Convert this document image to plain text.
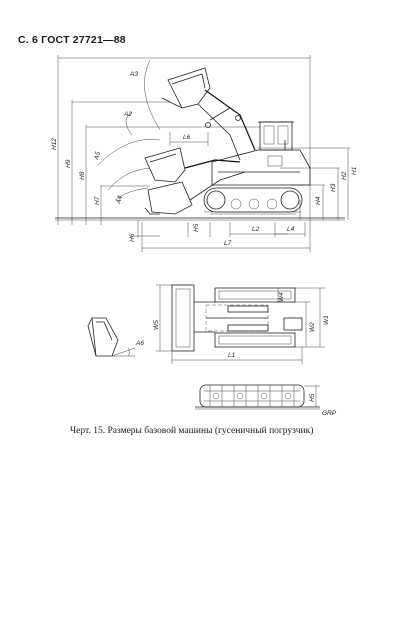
С. 6 ГОСТ 27721—88
A3
A2
A5
A4
H12
H9
H8
H7
H6
H5
H4
H3
H2
H1
L6
L2	L4
L7
W5
W4
W2
W1
L1
A6
H5
GRP
Черт. 15. Размеры базовой машины (гусеничный погрузчик)
